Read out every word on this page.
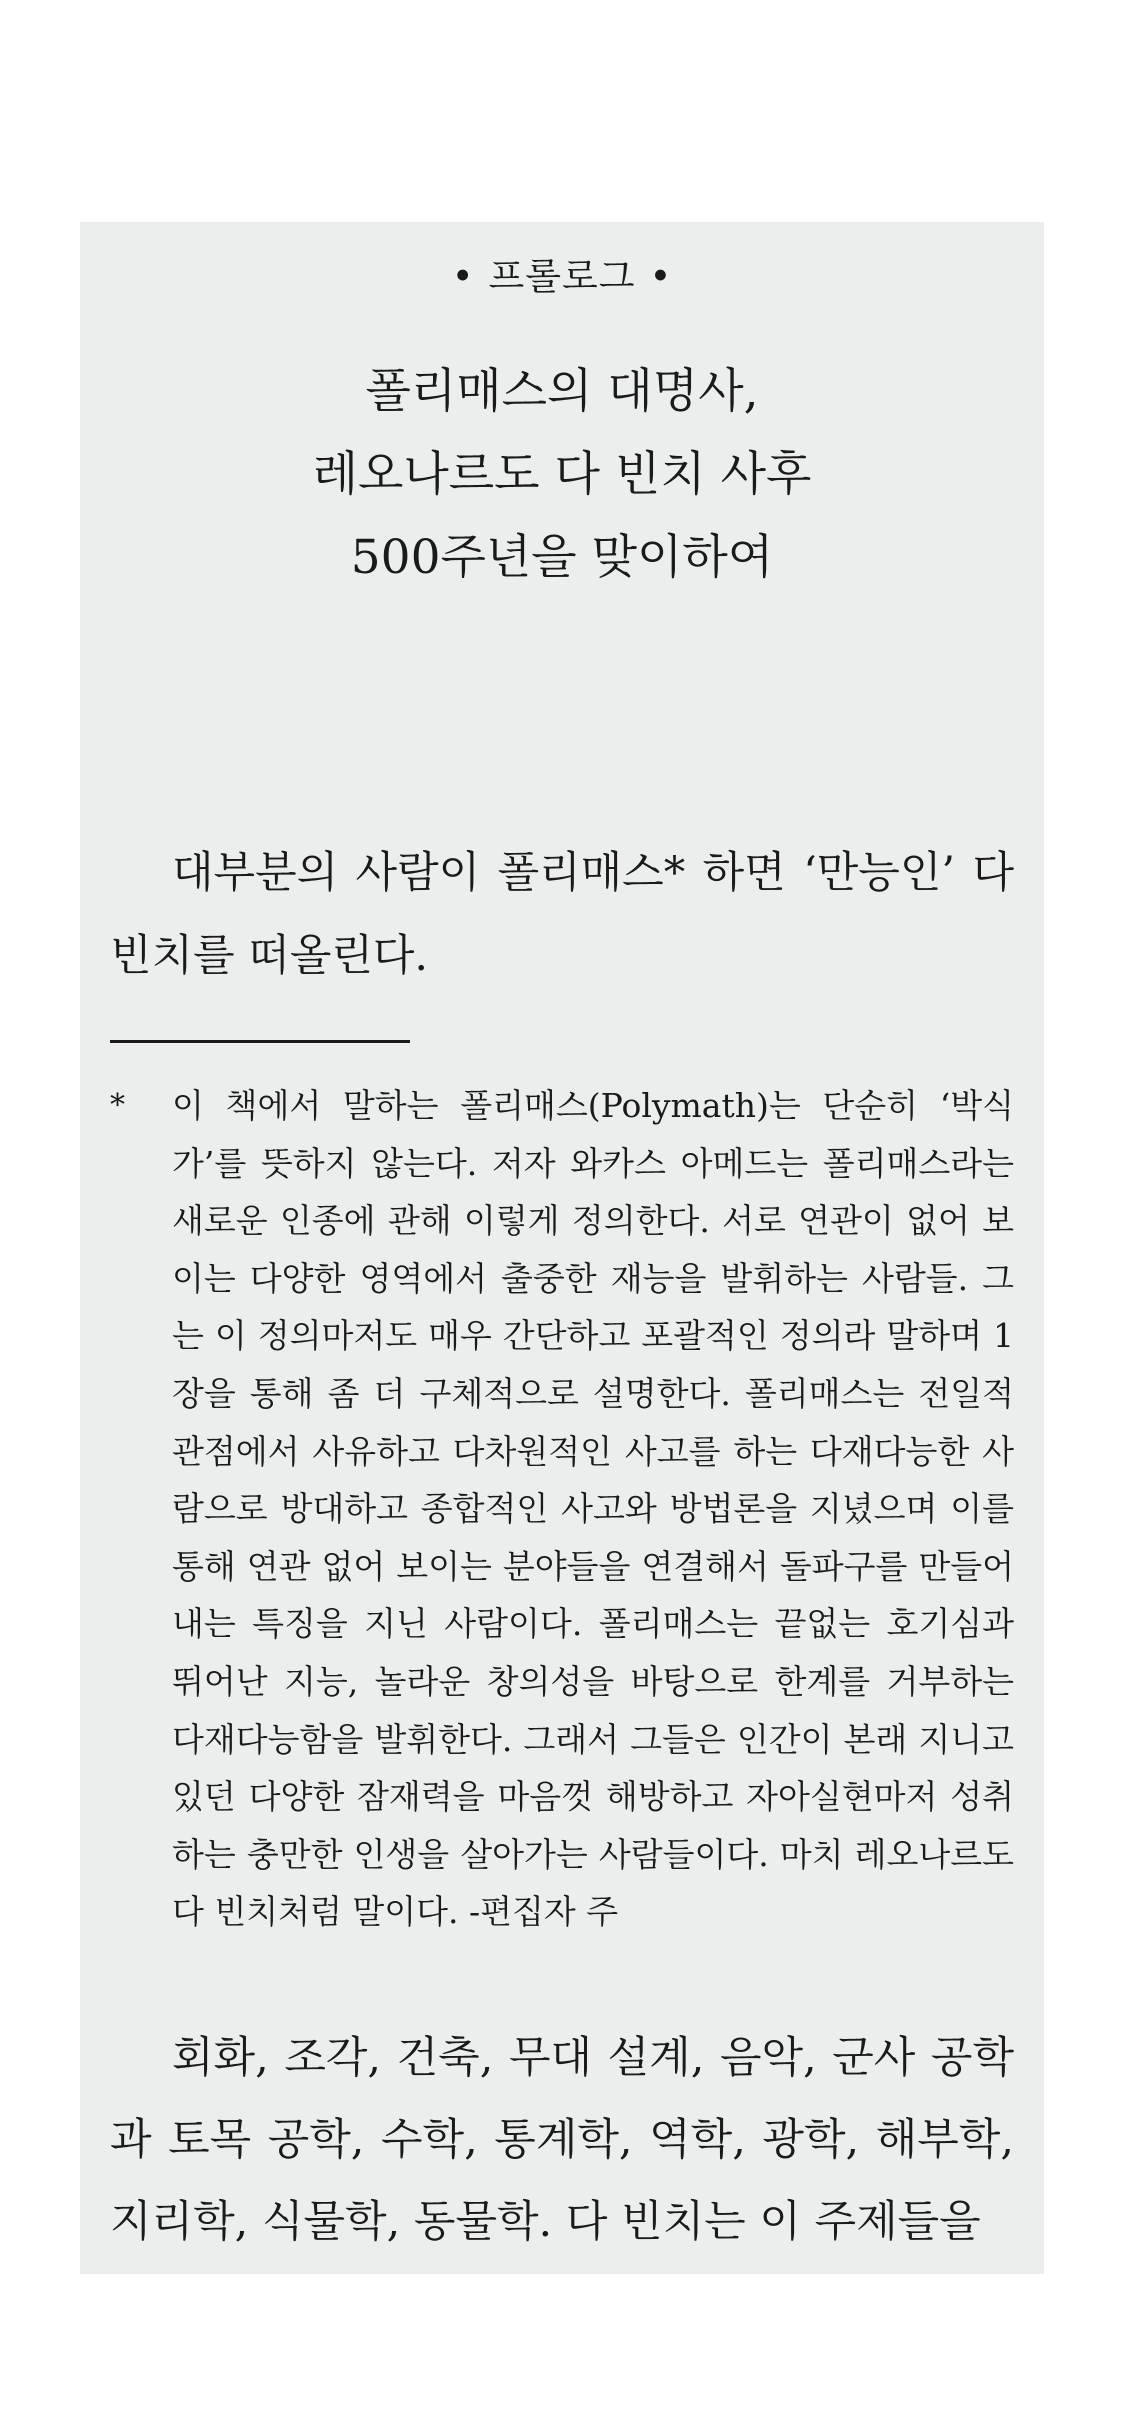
• 프롤로그 •
폴리매스의 대명사,
레오나르도 다 빈치 사후
500주년을 맞이하여

대부분의 사람이 폴리매스* 하면 ‘만능인’ 다 빈치를 떠올린다.

* 이 책에서 말하는 폴리매스(Polymath)는 단순히 ‘박식가’를 뜻하지 않는다. 저자 와카스 아메드는 폴리매스라는 새로운 인종에 관해 이렇게 정의한다. 서로 연관이 없어 보이는 다양한 영역에서 출중한 재능을 발휘하는 사람들. 그는 이 정의마저도 매우 간단하고 포괄적인 정의라 말하며 1장을 통해 좀 더 구체적으로 설명한다. 폴리매스는 전일적 관점에서 사유하고 다차원적인 사고를 하는 다재다능한 사람으로 방대하고 종합적인 사고와 방법론을 지녔으며 이를 통해 연관 없어 보이는 분야들을 연결해서 돌파구를 만들어내는 특징을 지닌 사람이다. 폴리매스는 끝없는 호기심과 뛰어난 지능, 놀라운 창의성을 바탕으로 한계를 거부하는 다재다능함을 발휘한다. 그래서 그들은 인간이 본래 지니고 있던 다양한 잠재력을 마음껏 해방하고 자아실현마저 성취하는 충만한 인생을 살아가는 사람들이다. 마치 레오나르도 다 빈치처럼 말이다. -편집자 주

회화, 조각, 건축, 무대 설계, 음악, 군사 공학과 토목 공학, 수학, 통계학, 역학, 광학, 해부학, 지리학, 식물학, 동물학. 다 빈치는 이 주제들을
